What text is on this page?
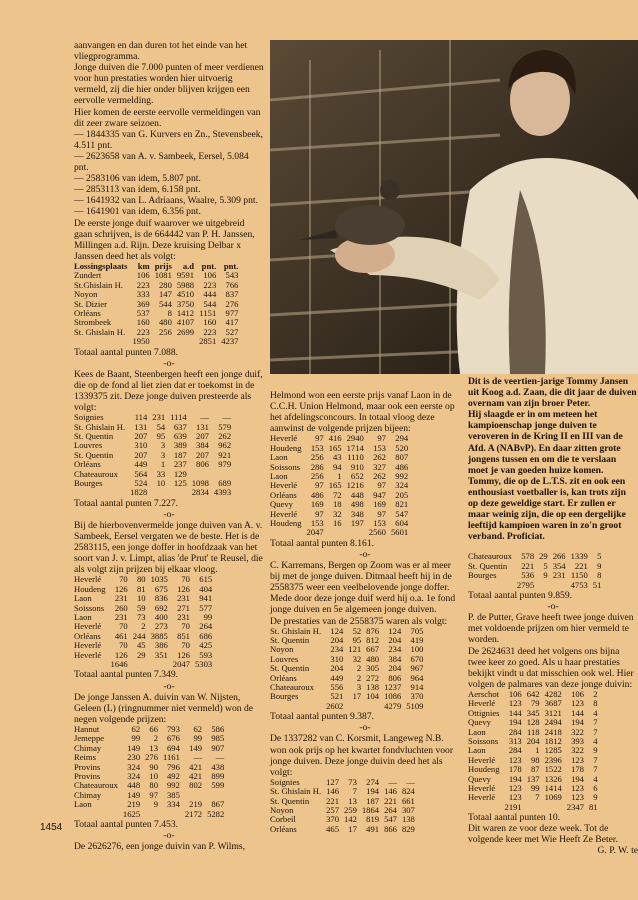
aanvangen en dan duren tot het einde van het vliegprogramma.

Jonge duiven die 7.000 punten of meer verdienen voor hun prestaties worden hier uitvoerig vermeld, zij die hier onder blijven krijgen een eervolle vermelding.

Hier komen de eerste eervolle vermeldingen van dit zeer zware seizoen.

— 1844335 van G. Kurvers en Zn., Stevensbeek, 4.511 pnt.

— 2623658 van A. v. Sambeek, Eersel, 5.084 pnt.

— 2583106 van idem, 5.807 pnt.

— 2853113 van idem, 6.158 pnt.

— 1641932 van L. Adriaans, Waalre, 5.309 pnt.

— 1641901 van idem, 6.356 pnt.

De eerste jonge duif waarover we uitgebreid gaan schrijven, is de 664442 van P. H. Janssen, Millingen a.d. Rijn. Deze kruising Delbar x Janssen deed het als volgt:

Lossingsplaats	km	prijs	a.d	pnt.	pnt.
Zundert	106	1081	9591	106	543
St.Ghislain H.	223	280	5988	223	766
Noyon	333	147	4510	444	837
St. Dizier	369	544	3750	544	276
Orléans	537	8	1412	1151	977
Strombeek	160	480	4107	160	417
St. Ghislain H.	223	256	2699	223	527
	1950			2851	4237

Totaal aantal punten 7.088.

-o-

Kees de Baant, Steenbergen heeft een jonge duif, die op de fond al liet zien dat er toekomst in de 1339375 zit. Deze jonge duiven presteerde als volgt:

Soignies	114	231	1114	—	—
St. Ghislain H.	131	54	637	131	579
St. Quentin	207	95	639	207	262
Louvres	310	3	389	384	962
St. Quentin	207	3	187	207	921
Orléans	449	1	237	806	979
Chateauroux	564	33	129		
Bourges	524	10	125	1098	689
	1828			2834	4393

Totaal aantal punten 7.227.

-o-

Bij de hierbovenvermelde jonge duiven van A. v. Sambeek, Eersel vergaten we de beste. Het is de 2583115, een jonge doffer in hoofdzaak van het soort van J. v. Limpt, alias 'de Prut' te Reusel, die als volgt zijn prijzen bij elkaar vloog.

Heverlé	70	80	1035	70	615
Houdeng	126	81	675	126	404
Laon	231	10	836	231	941
Soissons	260	59	692	271	577
Laon	231	73	400	231	99
Heverlé	70	2	273	70	264
Orléans	461	244	3885	851	686
Heverlé	70	45	386	70	425
Heverlé	126	29	351	126	593
	1646			2047	5303

Totaal aantal punten 7.349.

-o-

De jonge Janssen A. duivin van W. Nijsten, Geleen (L) (ringnummer niet vermeld) won de negen volgende prijzen:

Hannut	62	66	793	62	586
Jemeppe	99	2	676	99	985
Chimay	149	13	694	149	907
Reims	230	276	1161	—	—
Provins	324	90	796	421	438
Provins	324	10	492	421	899
Chateauroux	448	80	992	802	599
Chimay	149	97	385		
Laon	219	9	334	219	867
	1625			2172	5282

Totaal aantal punten 7.453.

-o-

De 2626276, een jonge duivin van P. Wilms,

1454

Helmond won een eerste prijs vanaf Laon in de C.C.H. Union Helmond, maar ook een eerste op het afdelingsconcours. In totaal vloog deze aanwinst de volgende prijzen bijeen:

Heverlé	97	416	2940	97	294
Houdeng	153	165	1714	153	520
Laon	256	43	1110	262	807
Soissons	286	94	910	327	486
Laon	256	1	652	262	992
Heverlé	97	165	1216	97	324
Orléans	486	72	448	947	205
Quevy	169	18	498	169	821
Heverlé	97	32	348	97	547
Houdeng	153	16	197	153	604
	2047			2560	5601

Totaal aantal punten 8.161.

-o-

C. Karremans, Bergen op Zoom was er al meer bij met de jonge duiven. Ditmaal heeft hij in de 2558375 weer een veelbelovende jonge doffer. Mede door deze jonge duif werd hij o.a. 1e fond jonge duiven en 5e algemeen jonge duiven.

De prestaties van de 2558375 waren als volgt:

St. Ghislain H.	124	52	876	124	705
St. Quentin	204	95	812	204	419
Noyon	234	121	667	234	100
Louvres	310	32	480	384	670
St. Quentin	204	2	305	204	967
Orléans	449	2	272	806	964
Chateauroux	556	3	138	1237	914
Bourges	521	17	104	1086	370
	2602			4279	5109

Totaal aantal punten 9.387.

-o-

De 1337282 van C. Korsmit, Langeweg N.B. won ook prijs op het kwartet fondvluchten voor jonge duiven. Deze jonge duivin deed het als volgt:

Soignies	127	73	274	—	—
St. Ghislain H.	146	7	194	146	824
St. Quentin	221	13	187	221	661
Noyon	257	259	1864	264	307
Corbeil	370	142	819	547	138
Orléans	465	17	491	866	829

Dit is de veertien-jarige Tommy Jansen uit Koog a.d. Zaan, die dit jaar de duiven overnam van zijn broer Peter.

Hij slaagde er in om meteen het kampioenschap jonge duiven te veroveren in de Kring II en III van de Afd. A (NABvP). En daar zitten grote jongens tussen en om die te verslaan moet je van goeden huize komen. Tommy, die op de L.T.S. zit en ook een enthousiast voetballer is, kan trots zijn op deze geweldige start. Er zullen er maar weinig zijn, die op een dergelijke leeftijd kampioen waren in zo'n groot verband. Proficiat.

Chateauroux	578	29	266	1339	5
St. Quentin	221	5	354	221	9
Bourges	536	9	231	1150	8
	2795			4753	51

Totaal aantal punten 9.859.

-o-

P. de Putter, Grave heeft twee jonge duiven met voldoende prijzen om hier vermeld te worden.

De 2624631 deed het volgens ons bijna twee keer zo goed. Als u haar prestaties bekijkt vindt u dat misschien ook wel. Hier volgen de palmares van deze jonge duivin:

Aerschot	106	642	4282	106	2
Heverlé	123	79	3687	123	8
Ottignies	144	345	3121	144	4
Quevy	194	128	2494	194	7
Laon	284	118	2418	322	7
Soissons	313	204	1812	393	4
Laon	284	1	1285	322	9
Heverlé	123	98	2396	123	7
Houdeng	178	87	1522	178	7
Quevy	194	137	1326	194	4
Heverlé	123	99	1414	123	6
Heverlé	123	7	1069	123	9
	2191			2347	81

Totaal aantal punten 10.

Dit waren ze voor deze week. Tot de volgende keer met Wie Heeft Ze Beter.

G. P. W. te
